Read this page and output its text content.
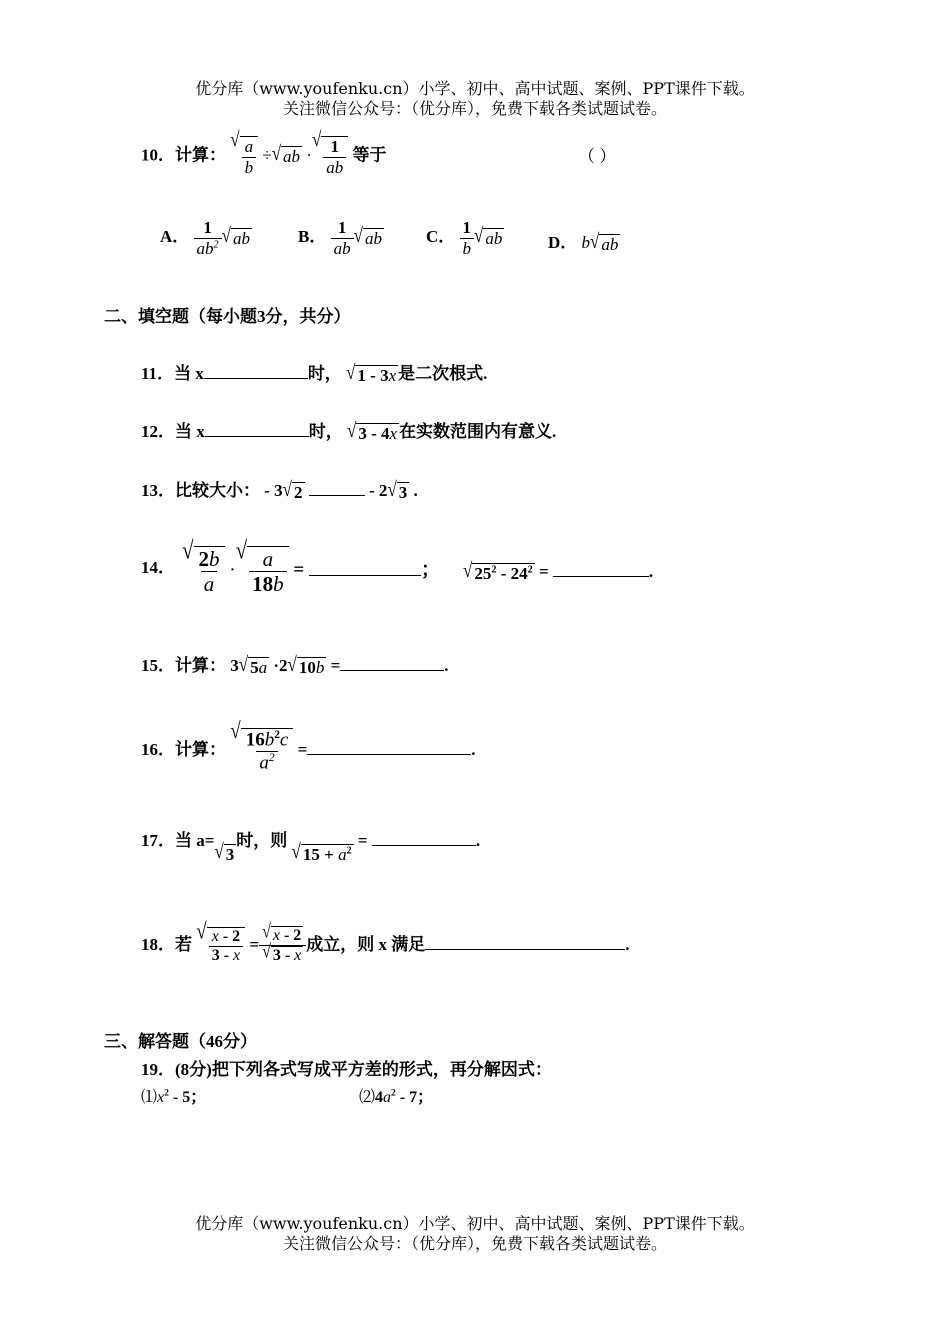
优分库（www.youfenku.cn）小学、初中、高中试题、案例、PPT课件下载。
关注微信公众号：（优分库），免费下载各类试题试卷。
10．计算：
√ $\frac{a}{b}$ ÷ √ ab ·
√ $\frac{1}{ab}$ 等于	（ ）
A． $\frac{1}{ab^2}$ √ ab	B． $\frac{1}{ab}$ √ ab	C． $\frac{1}{b}$ √ ab	D． b √ ab
二、填空题（每小题3分，共分）
11．当 x	时， √ 1 - 3x 是二次根式.
12．当 x	时， √ 3 - 4x 在实数范围内有意义.
13．比较大小： - 3 √ 2	- 2 √ 3 .
14．
√ $\frac{2b}{a}$ ·
√ $\frac{a}{18b}$ =	； √ $25^2 - 24^2$ =	.
15．计算： 3 √ 5a ·2 √ 10b =	.
16．计算：
√ $\frac{16b^2c}{a^2}$ =	.
17．当 a= √ 3
时，则 √ $15 + a^2$
=	.
18．若
√ $\frac{x - 2}{3 - x} = \frac{√ x - 2}{√ 3 - x}$ 成立，则 x 满足	.
三、解答题（46分）
19．(8分)把下列各式写成平方差的形式，再分解因式：
$⑴x^2 - 5$；	$⑵4a^2 - 7$；
优分库（www.youfenku.cn）小学、初中、高中试题、案例、PPT课件下载。
关注微信公众号：（优分库），免费下载各类试题试卷。
